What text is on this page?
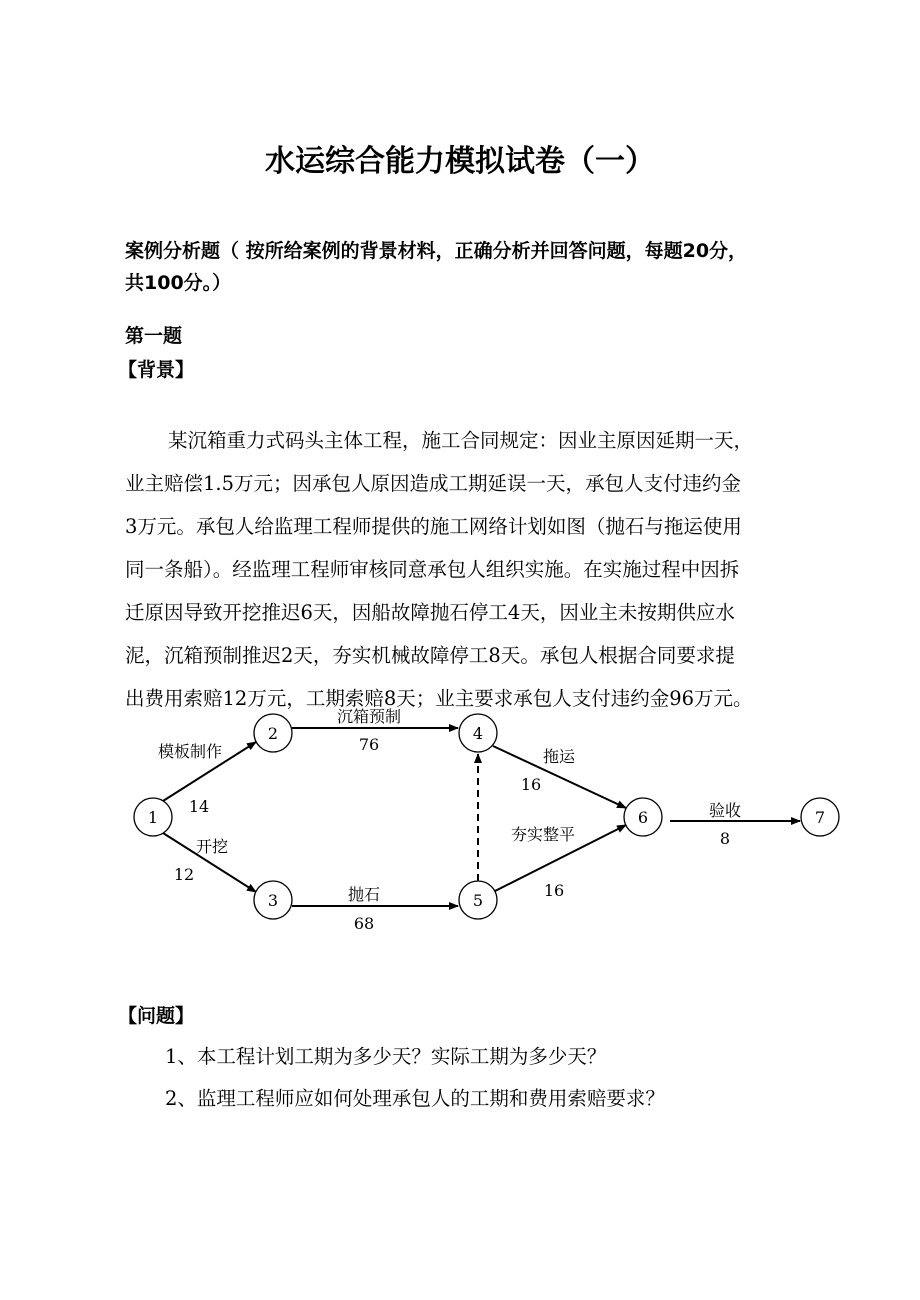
水运综合能力模拟试卷（一）
案例分析题（ 按所给案例的背景材料，正确分析并回答问题，每题20分，
共100分。）
第一题
【背景】
某沉箱重力式码头主体工程，施工合同规定：因业主原因延期一天，
业主赔偿1.5万元；因承包人原因造成工期延误一天，承包人支付违约金
3万元。承包人给监理工程师提供的施工网络计划如图（抛石与拖运使用
同一条船）。经监理工程师审核同意承包人组织实施。在实施过程中因拆
迁原因导致开挖推迟6天，因船故障抛石停工4天，因业主未按期供应水
泥，沉箱预制推迟2天，夯实机械故障停工8天。承包人根据合同要求提
出费用索赔12万元，工期索赔8天；业主要求承包人支付违约金96万元。
1
2
3
4
5
6	7
模板制作
14
开挖
12
沉箱预制
76
抛石
68
拖运
16
夯实整平
16
验收
8
【问题】
1、本工程计划工期为多少天？实际工期为多少天？
2、监理工程师应如何处理承包人的工期和费用索赔要求？
